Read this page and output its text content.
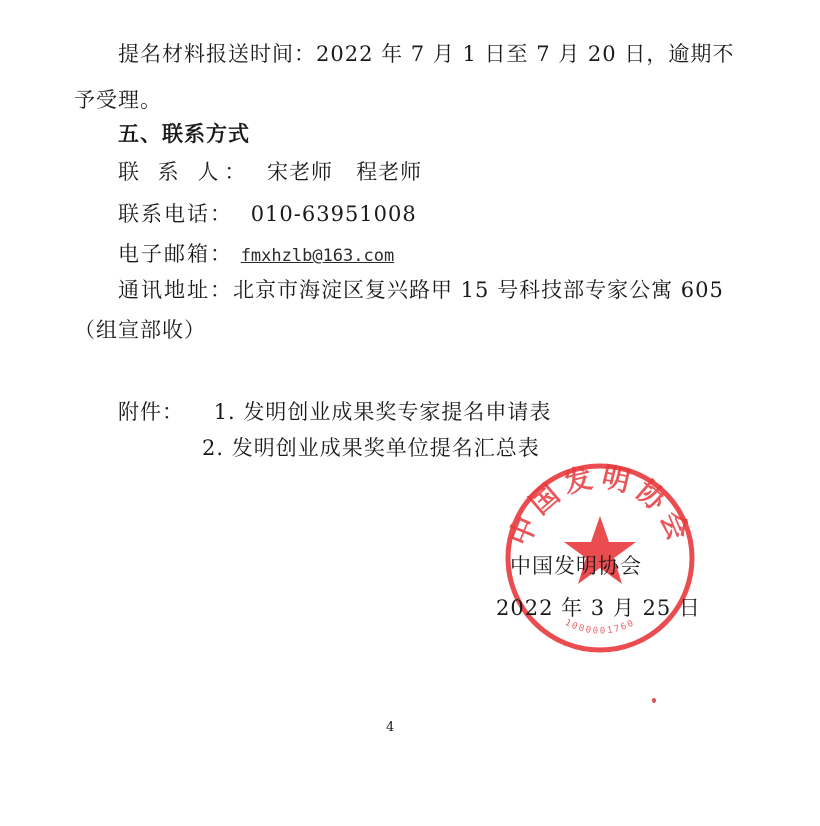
提名材料报送时间：2022 年 7 月 1 日至 7 月 20 日，逾期不
予受理。
五、联系方式
联 系 人： 宋老师   程老师
联系电话： 010-63951008
电子邮箱： fmxhzlb@163.com
通讯地址：北京市海淀区复兴路甲 15 号科技部专家公寓 605
（组宣部收）
附件： 1. 发明创业成果奖专家提名申请表
2. 发明创业成果奖单位提名汇总表
中国发明协会
1000001760
中国发明协会
2022 年 3 月 25 日
4
